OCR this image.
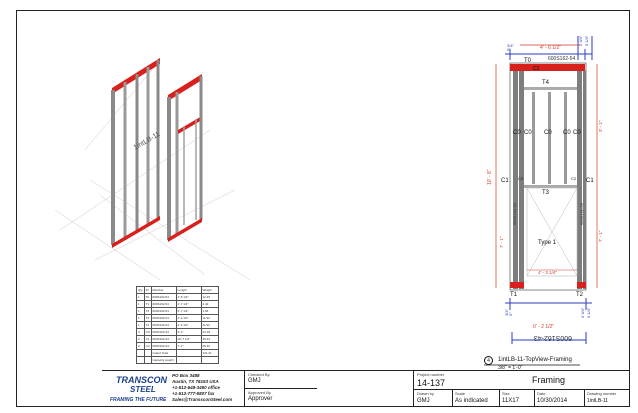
1intLB-11
4' - 6 1/2"
3/4"
0"
0 3/4" 0 1/4"
600S162-54
T0
T4
C2
T3
C0 C0 C0 C0 C0
C1	C1
C2	C2
Type 1
600S162-33	600S162-33
4' - 3 1/4"
T1	T2
10' - 8"
7' - 1"
3' - 1"
7' - 1"
3/4" 0"	0 3/4" 0 1/4"
0' - 2 1/2"
600S162-43
4	1intLB-11-TopView-Framing
3/8" = 1'-0"
Qty	ID	Member	Length	Weight
1	T0	600S162-54	4'-5 1/2"	12.45
1	T1	600S162-54	1'-7 1/4"	4.42
1	T2	600S162-54	0'-7 1/4"	1.66
1	T3	600S162-54	4'-3 1/4"	11.92
1	T4	600S162-54	4'-3 1/4"	11.92
4	C0	600S162-33	3'-1"	23.18
2	C1	600S162-33	10'-7 1/2"	39.34
2	C2	600S162-33	7'-1"	26.32
		Grand Total		131.21
		Capacity weight		
TRANSCON
STEEL
FRAMING THE FUTURE
PO Box 3488
Austin, TX 78153 USA
+1-512-648-3460 office
+1-512-777-5807 fax
Sales@TranssconSteel.com
Checked By
GMJ
Approved By
Approver
Project number
14-137	Framing
Drawn by
GMJ
Scale
As indicated
Size
11X17
Date
10/30/2014
Drawing number
1intLB-11
